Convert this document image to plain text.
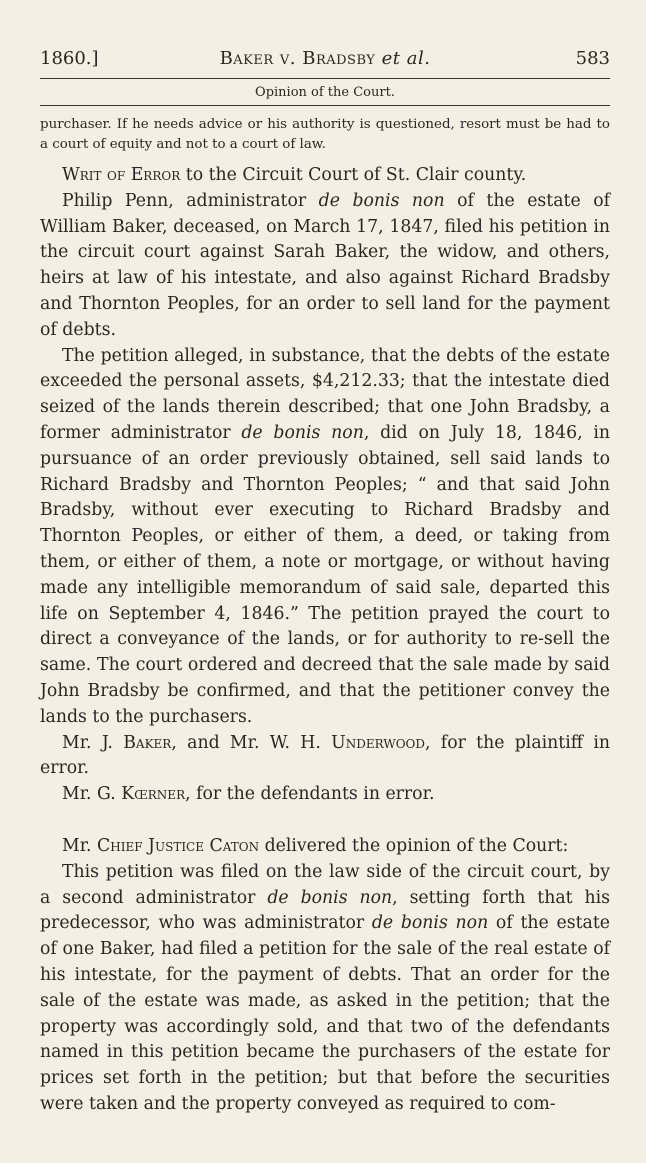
1860.]	Baker v. Bradsby et al.	583
Opinion of the Court.
purchaser. If he needs advice or his authority is questioned, resort must be had to a court of equity and not to a court of law.

Writ of Error to the Circuit Court of St. Clair county.

Philip Penn, administrator de bonis non of the estate of William Baker, deceased, on March 17, 1847, filed his petition in the circuit court against Sarah Baker, the widow, and others, heirs at law of his intestate, and also against Richard Bradsby and Thornton Peoples, for an order to sell land for the payment of debts.

The petition alleged, in substance, that the debts of the estate exceeded the personal assets, $4,212.33; that the intestate died seized of the lands therein described; that one John Bradsby, a former administrator de bonis non, did on July 18, 1846, in pursuance of an order previously obtained, sell said lands to Richard Bradsby and Thornton Peoples; “ and that said John Bradsby, without ever executing to Richard Bradsby and Thornton Peoples, or either of them, a deed, or taking from them, or either of them, a note or mortgage, or without having made any intelligible memorandum of said sale, departed this life on September 4, 1846.” The petition prayed the court to direct a conveyance of the lands, or for authority to re-sell the same. The court ordered and decreed that the sale made by said John Bradsby be confirmed, and that the petitioner convey the lands to the purchasers.

Mr. J. Baker, and Mr. W. H. Underwood, for the plaintiff in error.

Mr. G. Kœrner, for the defendants in error.

Mr. Chief Justice Caton delivered the opinion of the Court:

This petition was filed on the law side of the circuit court, by a second administrator de bonis non, setting forth that his predecessor, who was administrator de bonis non of the estate of one Baker, had filed a petition for the sale of the real estate of his intestate, for the payment of debts. That an order for the sale of the estate was made, as asked in the petition; that the property was accordingly sold, and that two of the defendants named in this petition became the purchasers of the estate for prices set forth in the petition; but that before the securities were taken and the property conveyed as required to com-
